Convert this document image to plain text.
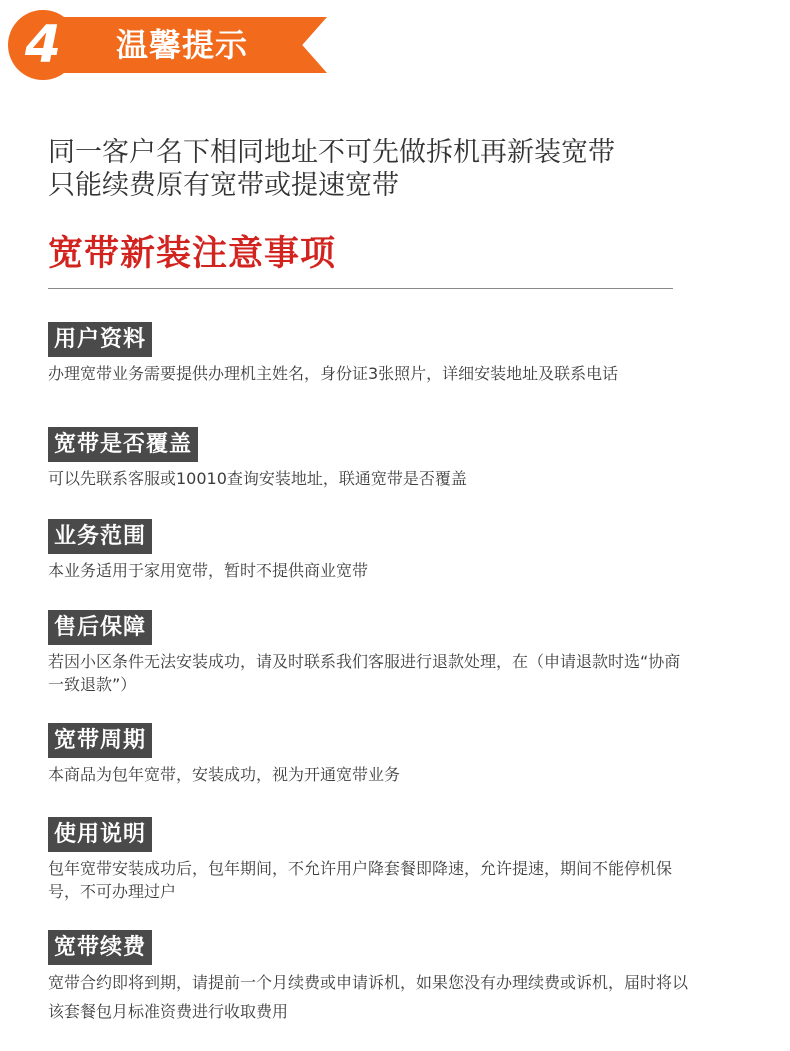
4	温馨提示
同一客户名下相同地址不可先做拆机再新装宽带
只能续费原有宽带或提速宽带
宽带新装注意事项
用户资料
办理宽带业务需要提供办理机主姓名，身份证3张照片，详细安装地址及联系电话
宽带是否覆盖
可以先联系客服或10010查询安装地址，联通宽带是否覆盖
业务范围
本业务适用于家用宽带，暂时不提供商业宽带
售后保障
若因小区条件无法安装成功，请及时联系我们客服进行退款处理，在（申请退款时选“协商一致退款”）
宽带周期
本商品为包年宽带，安装成功，视为开通宽带业务
使用说明
包年宽带安装成功后，包年期间，不允许用户降套餐即降速，允许提速，期间不能停机保号，不可办理过户
宽带续费
宽带合约即将到期，请提前一个月续费或申请诉机，如果您没有办理续费或诉机，届时将以该套餐包月标准资费进行收取费用
